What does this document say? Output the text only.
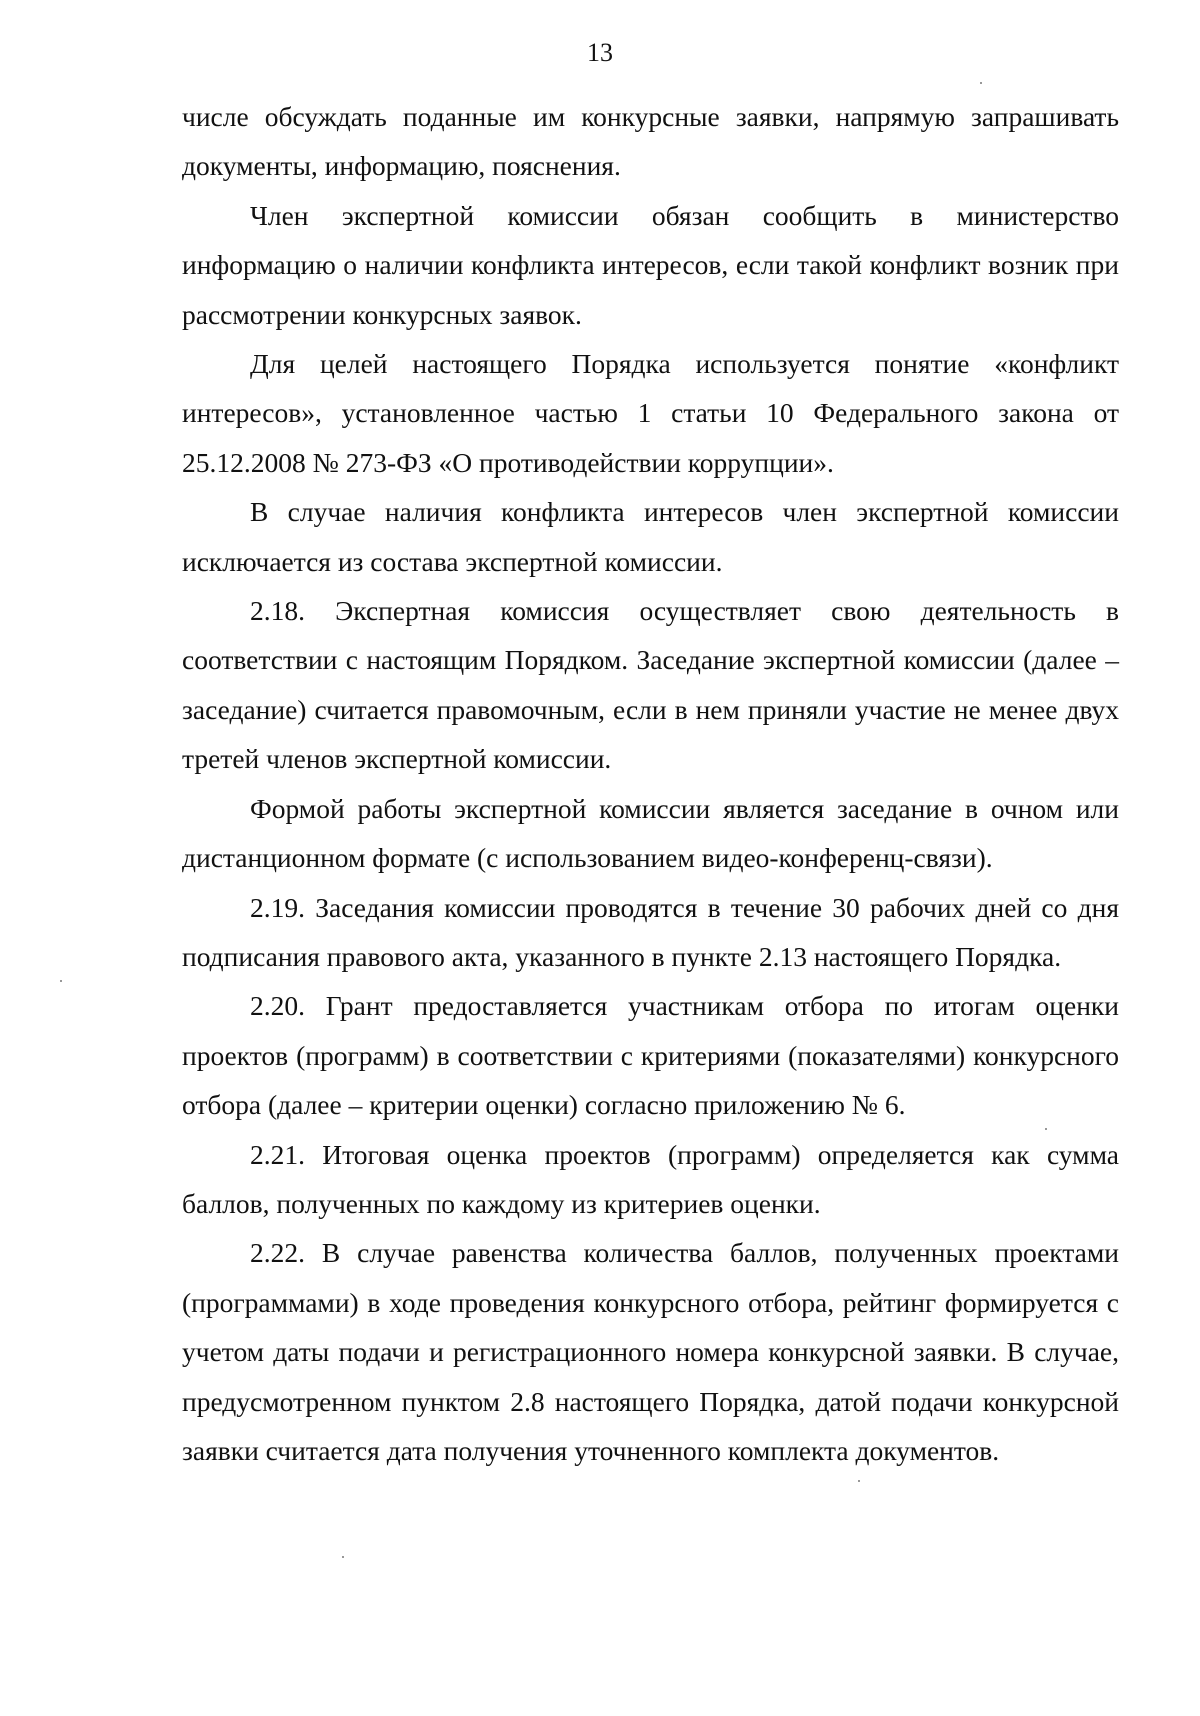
13

числе обсуждать поданные им конкурсные заявки, напрямую запрашивать документы, информацию, пояснения.

Член экспертной комиссии обязан сообщить в министерство информацию о наличии конфликта интересов, если такой конфликт возник при рассмотрении конкурсных заявок.

Для целей настоящего Порядка используется понятие «конфликт интересов», установленное частью 1 статьи 10 Федерального закона от 25.12.2008 № 273-ФЗ «О противодействии коррупции».

В случае наличия конфликта интересов член экспертной комиссии исключается из состава экспертной комиссии.

2.18. Экспертная комиссия осуществляет свою деятельность в соответствии с настоящим Порядком. Заседание экспертной комиссии (далее – заседание) считается правомочным, если в нем приняли участие не менее двух третей членов экспертной комиссии.

Формой работы экспертной комиссии является заседание в очном или дистанционном формате (с использованием видео-конференц-связи).

2.19. Заседания комиссии проводятся в течение 30 рабочих дней со дня подписания правового акта, указанного в пункте 2.13 настоящего Порядка.

2.20. Грант предоставляется участникам отбора по итогам оценки проектов (программ) в соответствии с критериями (показателями) конкурсного отбора (далее – критерии оценки) согласно приложению № 6.

2.21. Итоговая оценка проектов (программ) определяется как сумма баллов, полученных по каждому из критериев оценки.

2.22. В случае равенства количества баллов, полученных проектами (программами) в ходе проведения конкурсного отбора, рейтинг формируется с учетом даты подачи и регистрационного номера конкурсной заявки. В случае, предусмотренном пунктом 2.8 настоящего Порядка, датой подачи конкурсной заявки считается дата получения уточненного комплекта документов.
